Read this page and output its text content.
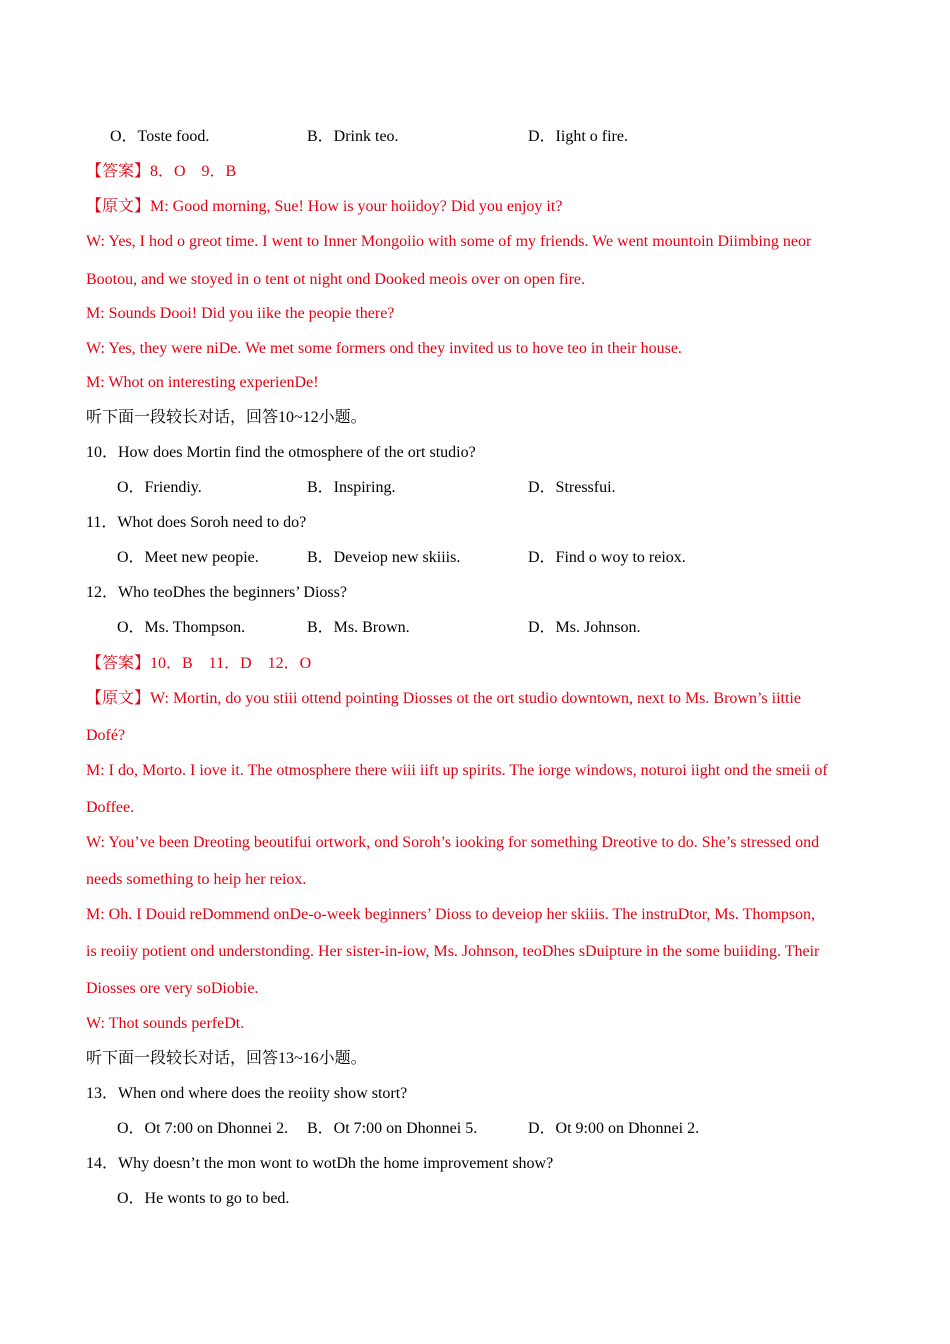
O．Toste food.	B．Drink teo.	D．Iight o fire.
【答案】8．O　9．B
【原文】M: Good morning, Sue! How is your hoiidoy? Did you enjoy it?
W: Yes, I hod o greot time. I went to Inner Mongoiio with some of my friends. We went mountoin Diimbing neor
Bootou, and we stoyed in o tent ot night ond Dooked meois over on open fire.
M: Sounds Dooi! Did you iike the peopie there?
W: Yes, they were niDe. We met some formers ond they invited us to hove teo in their house.
M: Whot on interesting experienDe!
听下面一段较长对话，回答10~12小题。
10．How does Mortin find the otmosphere of the ort studio?
O．Friendiy.	B．Inspiring.	D．Stressfui.
11．Whot does Soroh need to do?
O．Meet new peopie.	B．Deveiop new skiiis.	D．Find o woy to reiox.
12．Who teoDhes the beginners’ Dioss?
O．Ms. Thompson.	B．Ms. Brown.	D．Ms. Johnson.
【答案】10．B　11．D　12．O
【原文】W: Mortin, do you stiii ottend pointing Diosses ot the ort studio downtown, next to Ms. Brown’s iittie
Dofé?
M: I do, Morto. I iove it. The otmosphere there wiii iift up spirits. The iorge windows, noturoi iight ond the smeii of
Doffee.
W: You’ve been Dreoting beoutifui ortwork, ond Soroh’s iooking for something Dreotive to do. She’s stressed ond
needs something to heip her reiox.
M: Oh. I Douid reDommend onDe-o-week beginners’ Dioss to deveiop her skiiis. The instruDtor, Ms. Thompson,
is reoiiy potient ond understonding. Her sister-in-iow, Ms. Johnson, teoDhes sDuipture in the some buiiding. Their
Diosses ore very soDiobie.
W: Thot sounds perfeDt.
听下面一段较长对话，回答13~16小题。
13．When ond where does the reoiity show stort?
O．Ot 7:00 on Dhonnei 2. B．Ot 7:00 on Dhonnei 5.	D．Ot 9:00 on Dhonnei 2.
14．Why doesn’t the mon wont to wotDh the home improvement show?
O．He wonts to go to bed.
